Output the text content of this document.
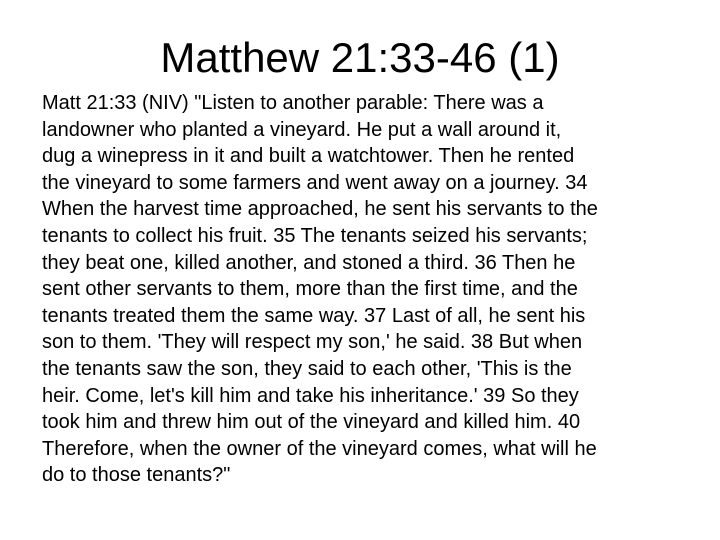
Matthew 21:33-46 (1)
Matt 21:33 (NIV) "Listen to another parable: There was a
landowner who planted a vineyard. He put a wall around it,
dug a winepress in it and built a watchtower. Then he rented
the vineyard to some farmers and went away on a journey. 34
When the harvest time approached, he sent his servants to the
tenants to collect his fruit. 35 The tenants seized his servants;
they beat one, killed another, and stoned a third. 36 Then he
sent other servants to them, more than the first time, and the
tenants treated them the same way. 37 Last of all, he sent his
son to them. 'They will respect my son,' he said. 38 But when
the tenants saw the son, they said to each other, 'This is the
heir. Come, let's kill him and take his inheritance.' 39 So they
took him and threw him out of the vineyard and killed him. 40
Therefore, when the owner of the vineyard comes, what will he
do to those tenants?"
